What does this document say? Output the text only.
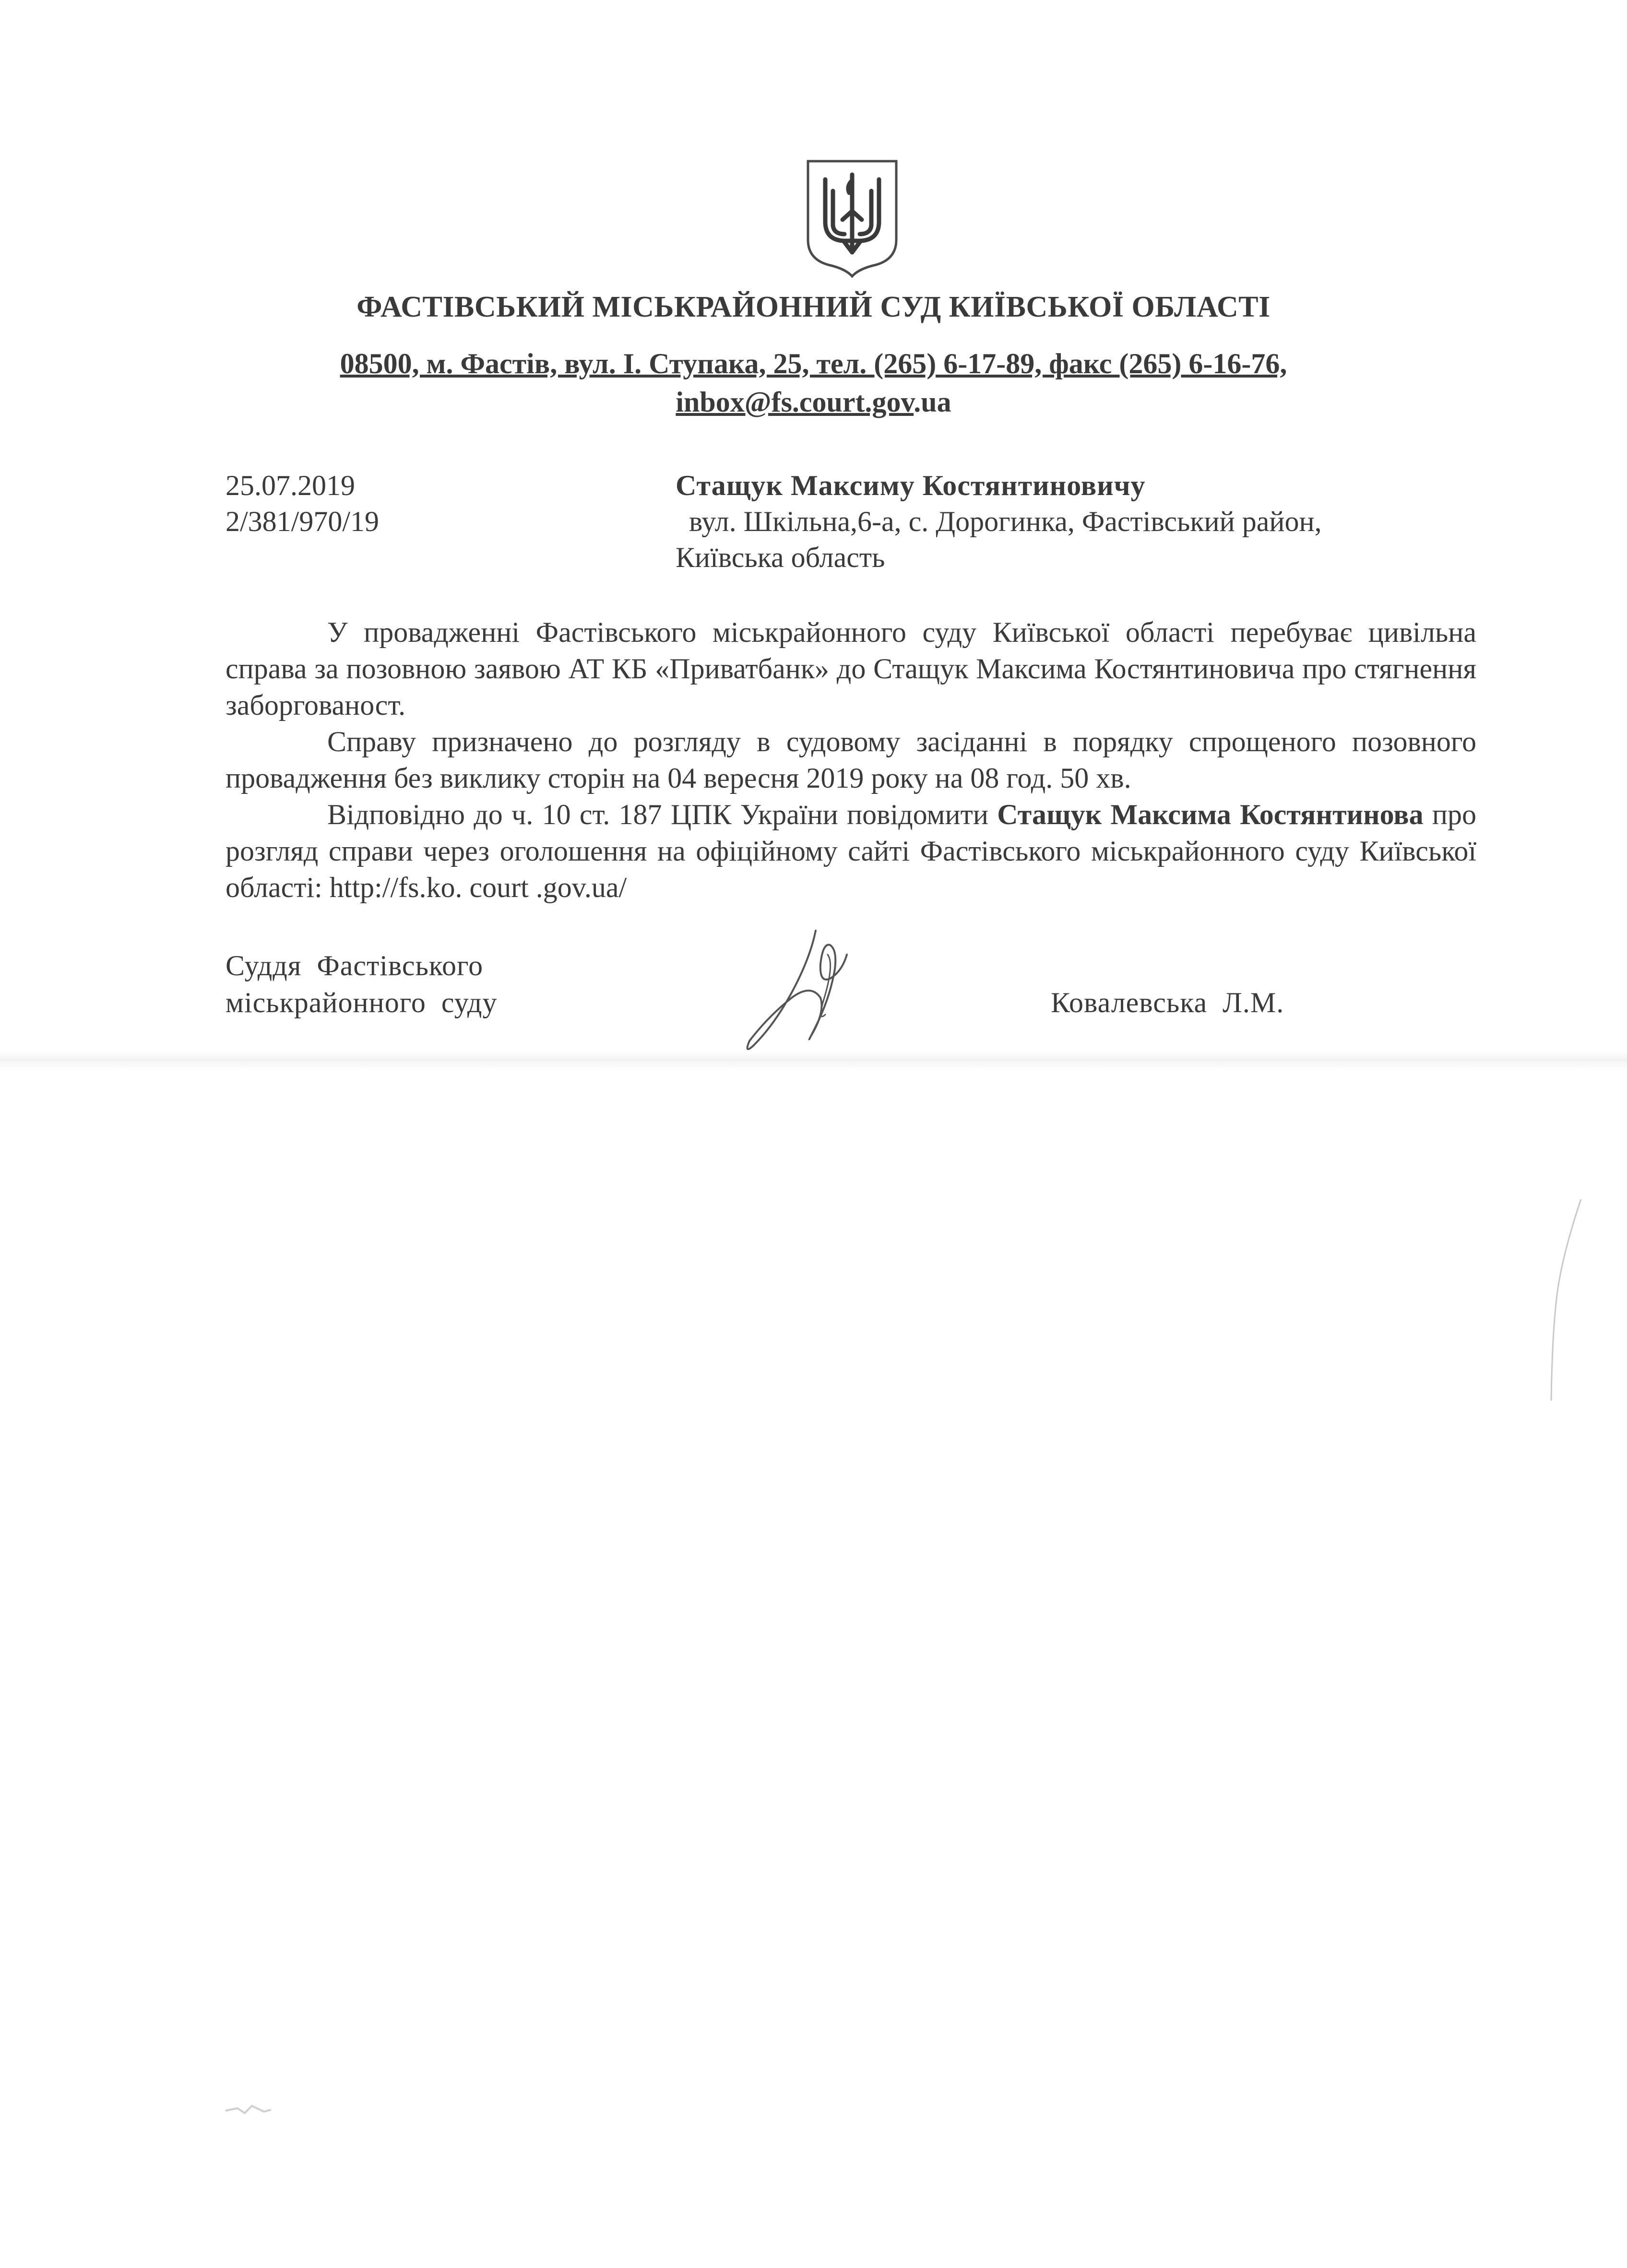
ФАСТІВСЬКИЙ МІСЬКРАЙОННИЙ СУД КИЇВСЬКОЇ ОБЛАСТІ
08500, м. Фастів, вул. І. Ступака, 25, тел. (265) 6-17-89, факс (265) 6-16-76,
inbox@fs.court.gov.ua
25.07.2019
2/381/970/19
Стащук Максиму Костянтиновичу
вул. Шкільна,6-а, с. Дорогинка, Фастівський район,
Київська область

У провадженні Фастівського міськрайонного суду Київської області перебуває цивільна справа за позовною заявою АТ КБ «Приватбанк» до Стащук Максима Костянтиновича про стягнення заборгованост.

Справу призначено до розгляду в судовому засіданні в порядку спрощеного позовного провадження без виклику сторін на 04 вересня 2019 року на 08 год. 50 хв.

Відповідно до ч. 10 ст. 187 ЦПК України повідомити Стащук Максима Костянтинова про розгляд справи через оголошення на офіційному сайті Фастівського міськрайонного суду Київської області: http://fs.ko. court .gov.ua/

Суддя  Фастівського
міськрайонного  суду	Ковалевська  Л.М.
